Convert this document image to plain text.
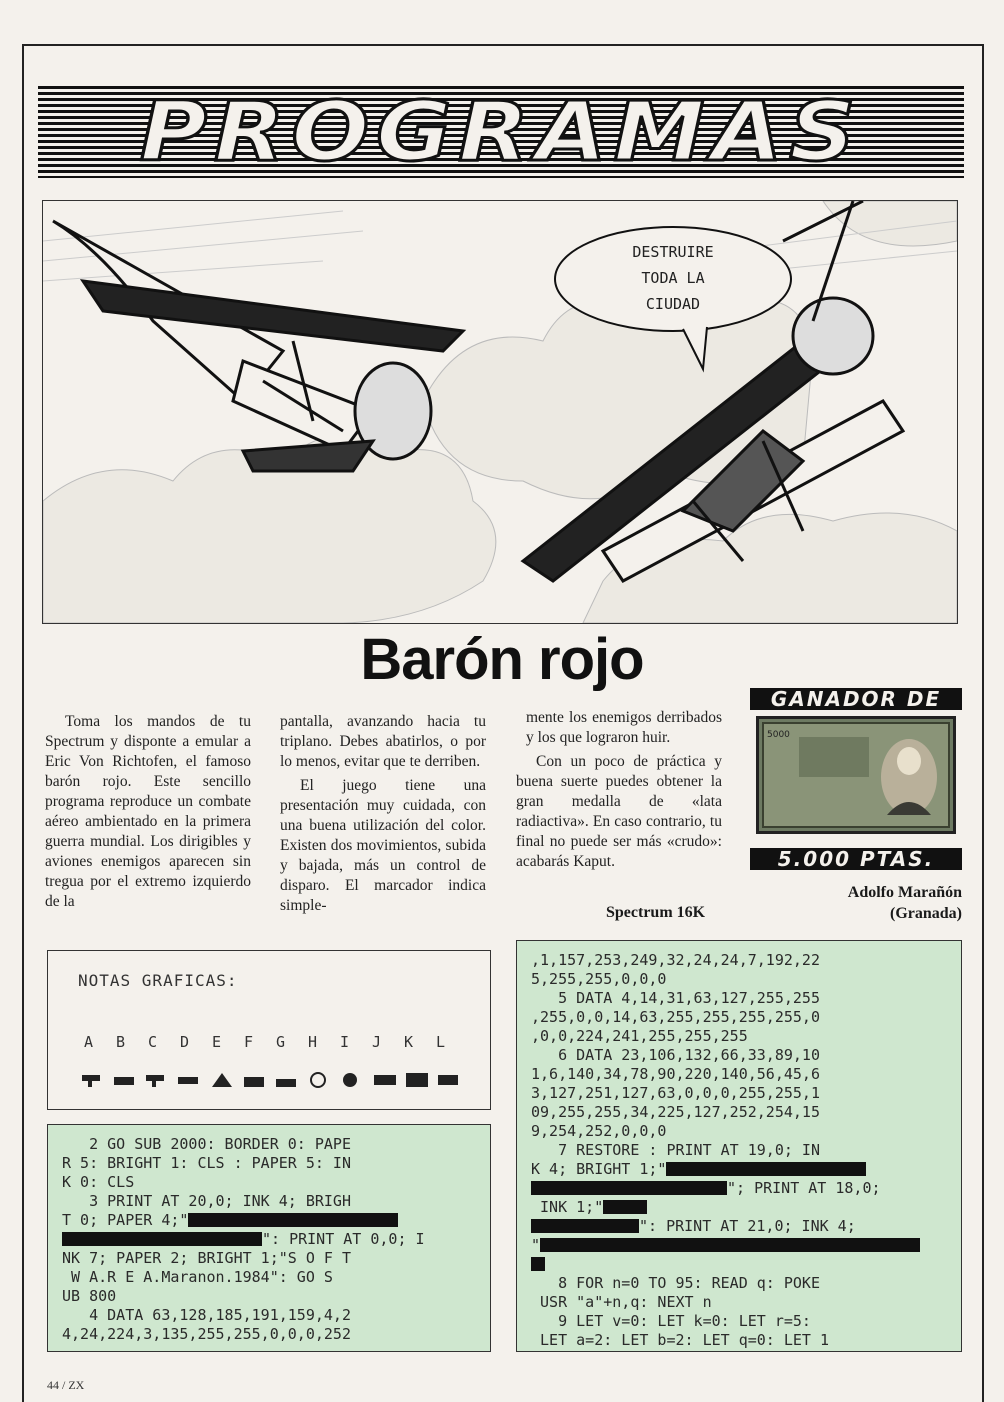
PROGRAMAS
DESTRUIRE
TODA LA
CIUDAD
Barón rojo

Toma los mandos de tu Spectrum y disponte a emular a Eric Von Richtofen, el famoso barón rojo. Este sencillo programa reproduce un combate aéreo ambientado en la primera guerra mundial. Los dirigibles y aviones enemigos aparecen sin tregua por el extremo izquierdo de la

pantalla, avanzando hacia tu triplano. Debes abatirlos, o por lo menos, evitar que te derriben.

El juego tiene una presentación muy cuidada, con una buena utilización del color. Existen dos movimientos, subida y bajada, más un control de disparo. El marcador indica simple-

mente los enemigos derribados y los que lograron huir.

Con un poco de práctica y buena suerte puedes obtener la gran medalla de «lata radiactiva». En caso contrario, tu final no puede ser más «crudo»: acabarás Kaput.

Spectrum 16K
GANADOR DE
5000
5.000 PTAS.
Adolfo Marañón
(Granada)
NOTAS GRAFICAS:
A B C D E F G H I J K L
2 GO SUB 2000: BORDER 0: PAPE
R 5: BRIGHT 1: CLS : PAPER 5: IN
K 0: CLS
3 PRINT AT 20,0; INK 4; BRIGH
T 0; PAPER 4;"
": PRINT AT 0,0; I
NK 7; PAPER 2; BRIGHT 1;"S O F T
W A.R E A.Maranon.1984": GO S
UB 800
4 DATA 63,128,185,191,159,4,2
4,24,224,3,135,255,255,0,0,0,252
,1,157,253,249,32,24,24,7,192,22
5,255,255,0,0,0
5 DATA 4,14,31,63,127,255,255
,255,0,0,14,63,255,255,255,255,0
,0,0,224,241,255,255,255
6 DATA 23,106,132,66,33,89,10
1,6,140,34,78,90,220,140,56,45,6
3,127,251,127,63,0,0,0,255,255,1
09,255,255,34,225,127,252,254,15
9,254,252,0,0,0
7 RESTORE : PRINT AT 19,0; IN
K 4; BRIGHT 1;"
"; PRINT AT 18,0;
INK 1;"
": PRINT AT 21,0; INK 4;
"
8 FOR n=0 TO 95: READ q: POKE
USR "a"+n,q: NEXT n
9 LET v=0: LET k=0: LET r=5:
LET a=2: LET b=2: LET q=0: LET 1
44 / ZX
